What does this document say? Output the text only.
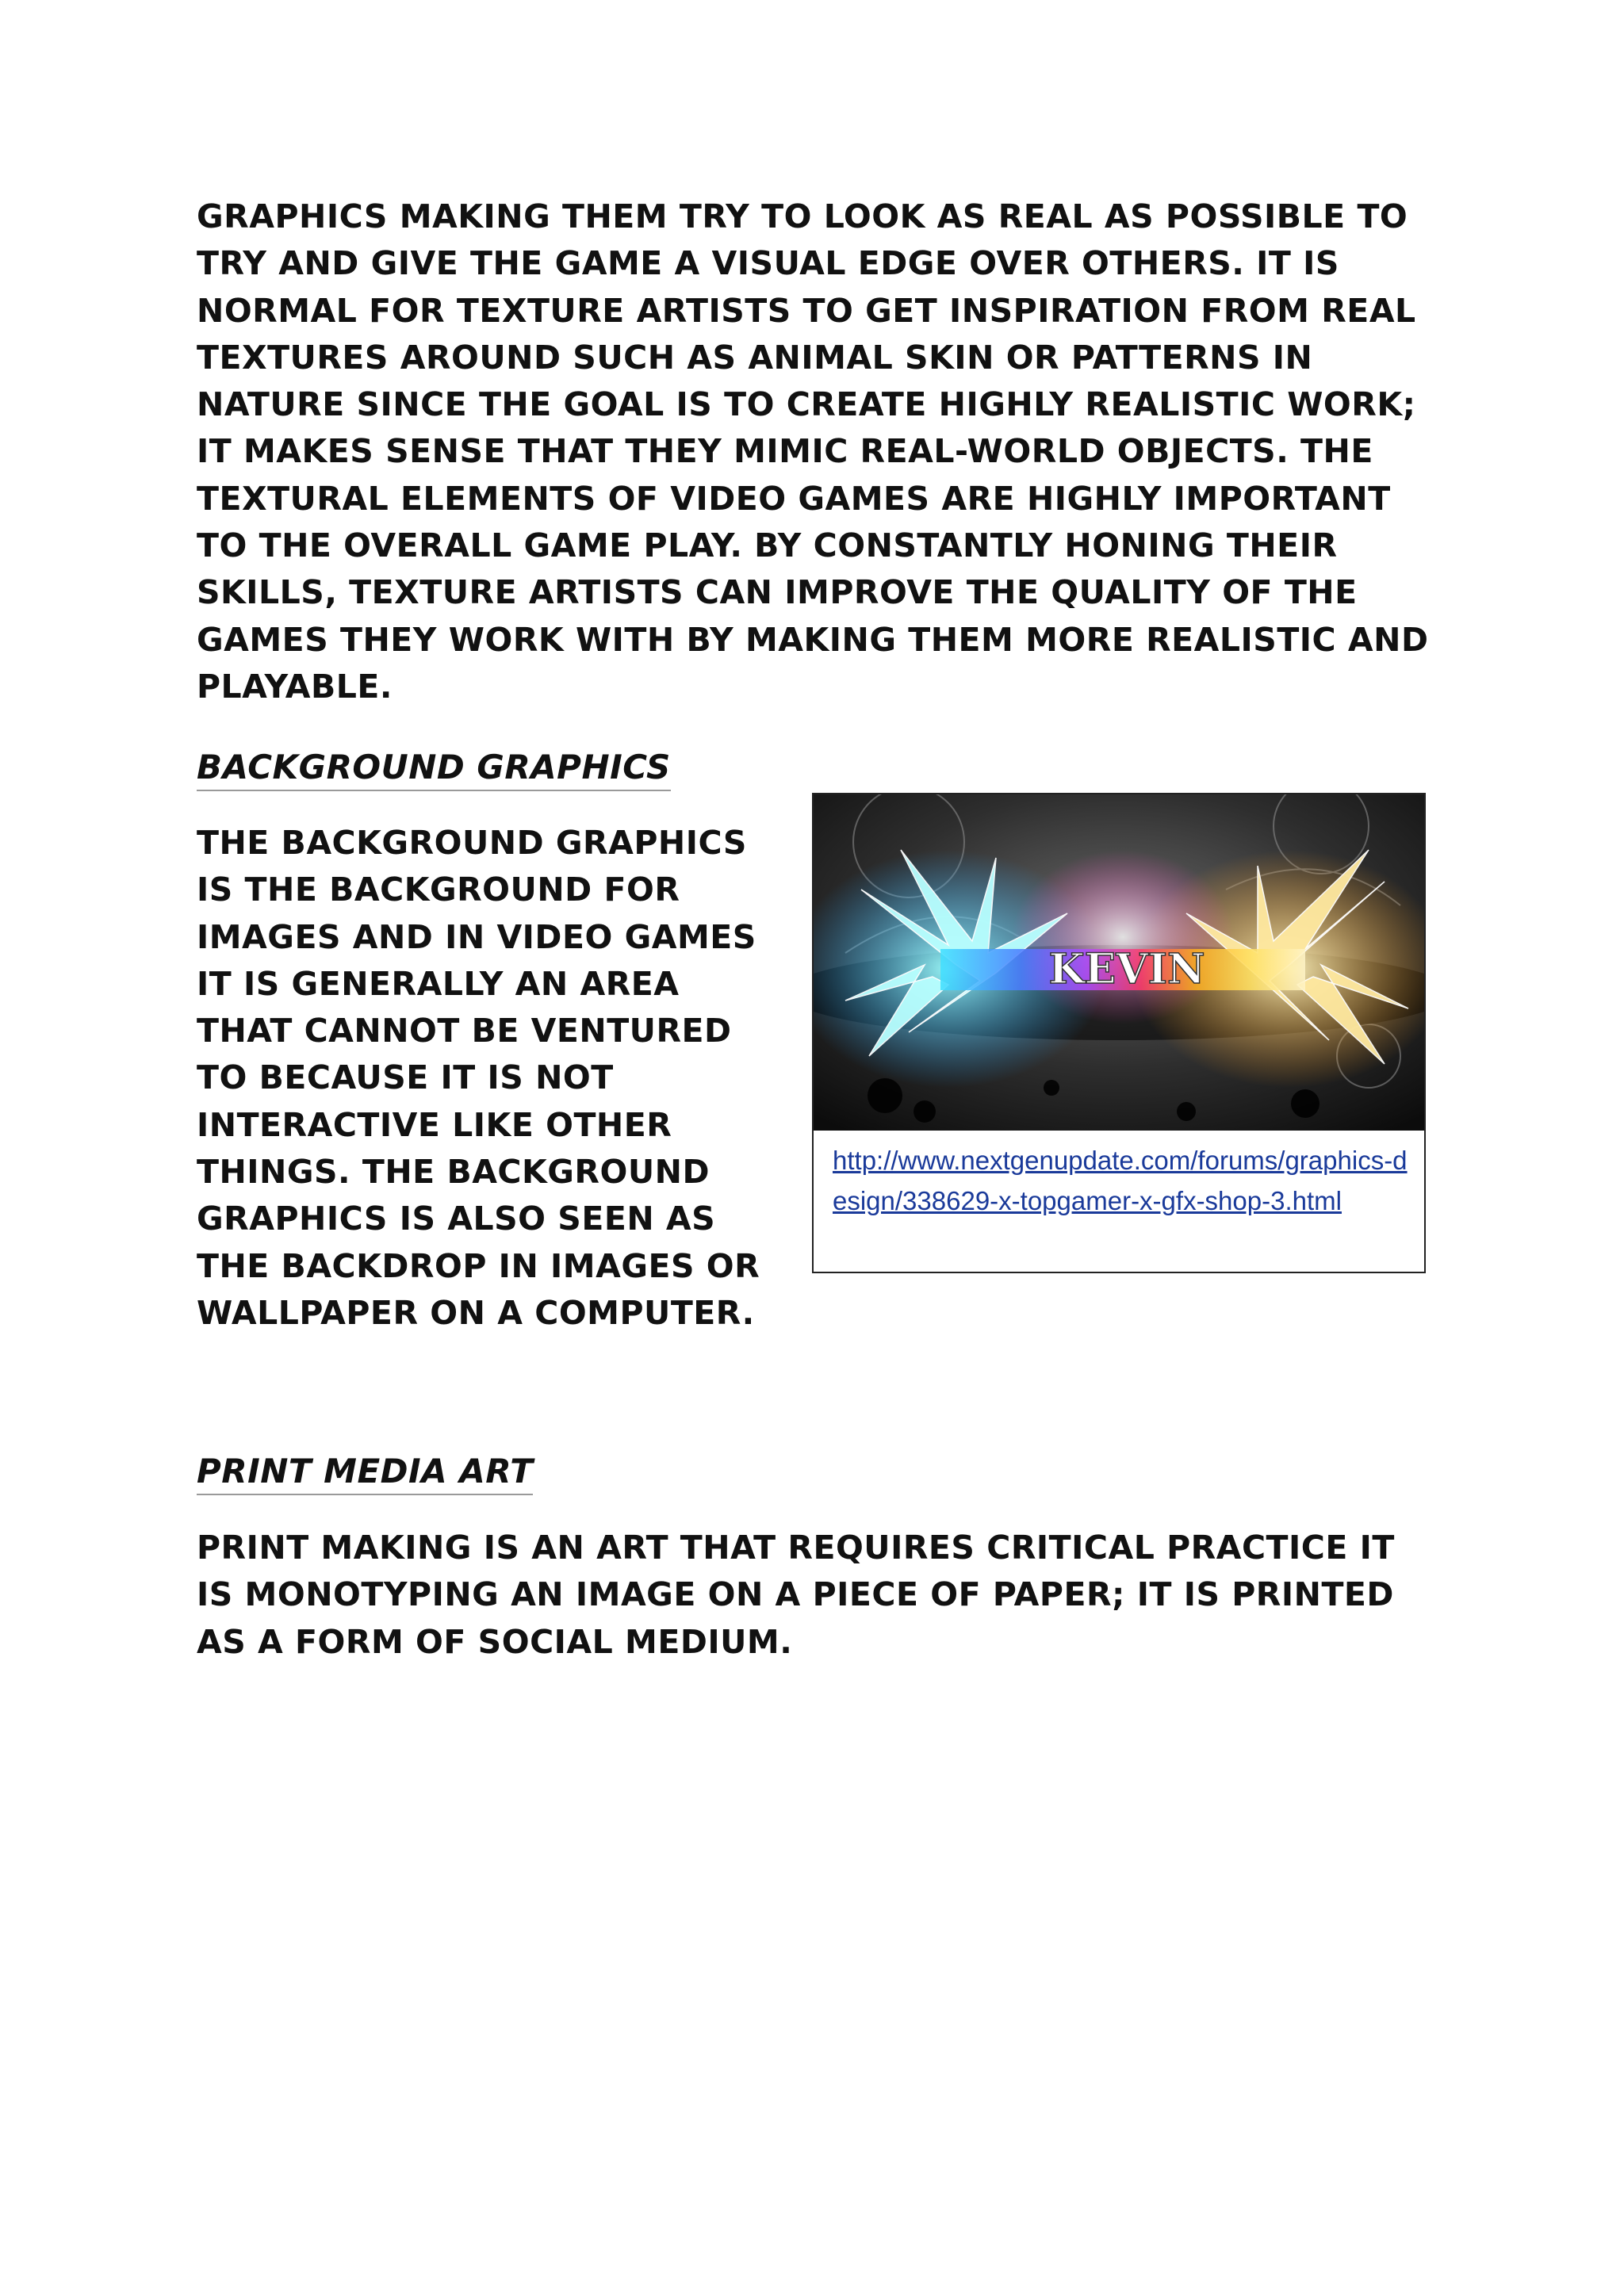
GRAPHICS MAKING THEM TRY TO LOOK AS REAL AS POSSIBLE TO TRY AND GIVE THE GAME A VISUAL EDGE OVER OTHERS. IT IS NORMAL FOR TEXTURE ARTISTS TO GET INSPIRATION FROM REAL TEXTURES AROUND SUCH AS ANIMAL SKIN OR PATTERNS IN NATURE SINCE THE GOAL IS TO CREATE HIGHLY REALISTIC WORK; IT MAKES SENSE THAT THEY MIMIC REAL-WORLD OBJECTS. THE TEXTURAL ELEMENTS OF VIDEO GAMES ARE HIGHLY IMPORTANT TO THE OVERALL GAME PLAY. BY CONSTANTLY HONING THEIR SKILLS, TEXTURE ARTISTS CAN IMPROVE THE QUALITY OF THE GAMES THEY WORK WITH BY MAKING THEM MORE REALISTIC AND PLAYABLE.

BACKGROUND GRAPHICS

THE BACKGROUND GRAPHICS IS THE BACKGROUND FOR IMAGES AND IN VIDEO GAMES IT IS GENERALLY AN AREA THAT CANNOT BE VENTURED TO BECAUSE IT IS NOT INTERACTIVE LIKE OTHER THINGS. THE BACKGROUND GRAPHICS IS ALSO SEEN AS THE BACKDROP IN IMAGES OR WALLPAPER ON A COMPUTER.

KEVIN
http://www.nextgenupdate.com/forums/graphics-design/338629-x-topgamer-x-gfx-shop-3.html
PRINT MEDIA ART

PRINT MAKING IS AN ART THAT REQUIRES CRITICAL PRACTICE IT IS MONOTYPING AN IMAGE ON A PIECE OF PAPER; IT IS PRINTED AS A FORM OF SOCIAL MEDIUM.
